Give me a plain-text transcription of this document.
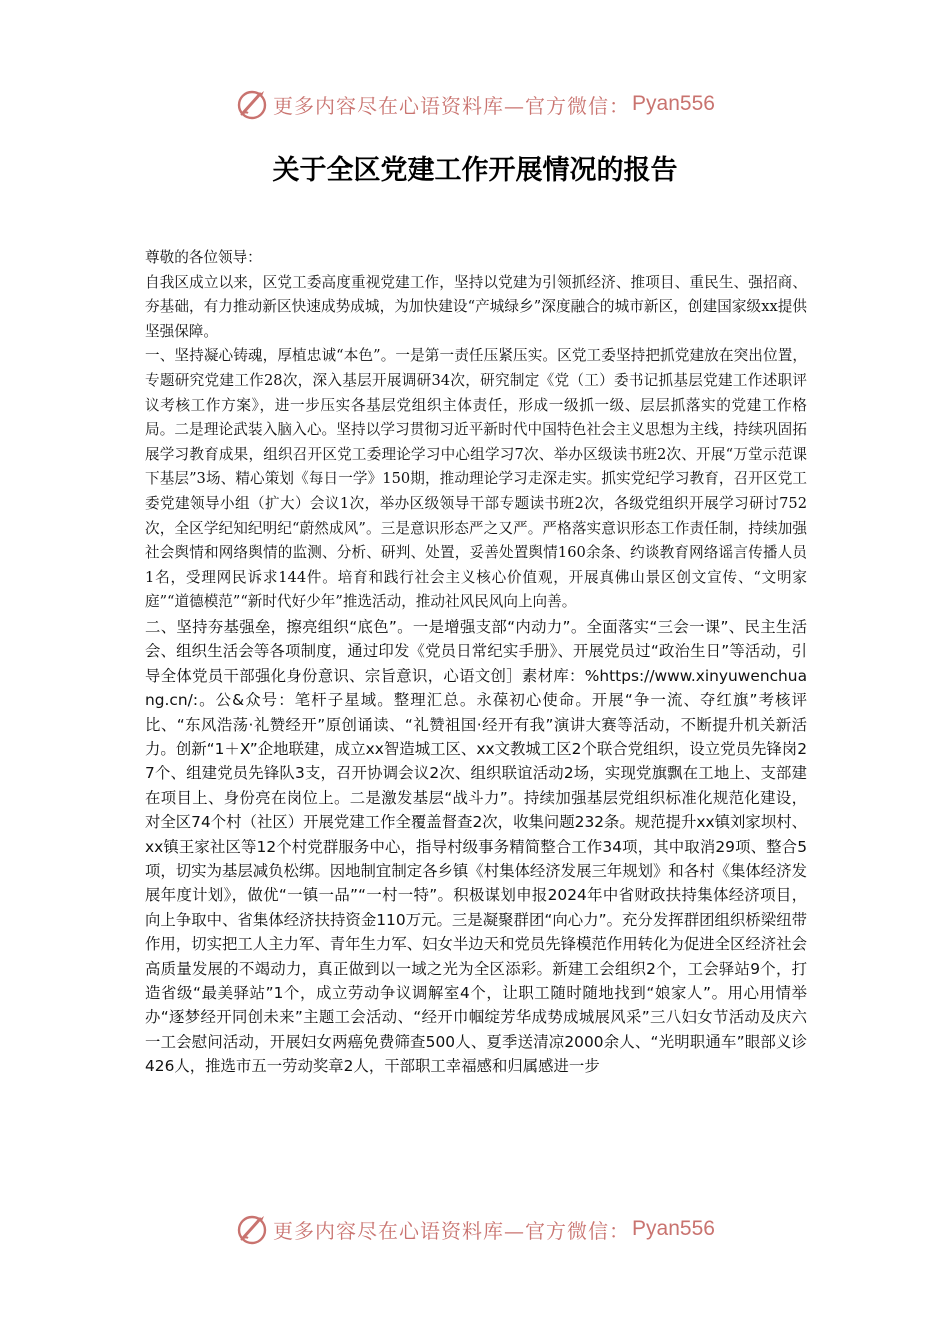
更多内容尽在心语资料库—官方微信： Pyan556
关于全区党建工作开展情况的报告

尊敬的各位领导：

自我区成立以来，区党工委高度重视党建工作，坚持以党建为引领抓经济、推项目、重民生、强招商、夯基础，有力推动新区快速成势成城，为加快建设“产城绿乡”深度融合的城市新区，创建国家级xx提供坚强保障。

一、坚持凝心铸魂，厚植忠诚“本色”。一是第一责任压紧压实。区党工委坚持把抓党建放在突出位置，专题研究党建工作28次，深入基层开展调研34次，研究制定《党（工）委书记抓基层党建工作述职评议考核工作方案》，进一步压实各基层党组织主体责任，形成一级抓一级、层层抓落实的党建工作格局。二是理论武装入脑入心。坚持以学习贯彻习近平新时代中国特色社会主义思想为主线，持续巩固拓展学习教育成果，组织召开区党工委理论学习中心组学习7次、举办区级读书班2次、开展“万堂示范课下基层”3场、精心策划《每日一学》150期，推动理论学习走深走实。抓实党纪学习教育，召开区党工委党建领导小组（扩大）会议1次，举办区级领导干部专题读书班2次，各级党组织开展学习研讨752次，全区学纪知纪明纪“蔚然成风”。三是意识形态严之又严。严格落实意识形态工作责任制，持续加强社会舆情和网络舆情的监测、分析、研判、处置，妥善处置舆情160余条、约谈教育网络谣言传播人员1名，受理网民诉求144件。培育和践行社会主义核心价值观，开展真佛山景区创文宣传、“文明家庭”“道德模范”“新时代好少年”推选活动，推动社风民风向上向善。

二、坚持夯基强垒，擦亮组织“底色”。一是增强支部“内动力”。全面落实“三会一课”、民主生活会、组织生活会等各项制度，通过印发《党员日常纪实手册》、开展党员过“政治生日”等活动，引导全体党员干部强化身份意识、宗旨意识，心语文创］素材库：%https://www.xinyuwenchuang.cn/:。公&众号：笔杆子星域。整理汇总。永葆初心使命。开展“争一流、夺红旗”考核评比、“东风浩荡·礼赞经开”原创诵读、“礼赞祖国·经开有我”演讲大赛等活动，不断提升机关新活力。创新“1＋X”企地联建，成立xx智造城工区、xx文教城工区2个联合党组织，设立党员先锋岗27个、组建党员先锋队3支，召开协调会议2次、组织联谊活动2场，实现党旗飘在工地上、支部建在项目上、身份亮在岗位上。二是激发基层“战斗力”。持续加强基层党组织标准化规范化建设，对全区74个村（社区）开展党建工作全覆盖督查2次，收集问题232条。规范提升xx镇刘家坝村、xx镇王家社区等12个村党群服务中心，指导村级事务精简整合工作34项，其中取消29项、整合5项，切实为基层减负松绑。因地制宜制定各乡镇《村集体经济发展三年规划》和各村《集体经济发展年度计划》，做优“一镇一品”“一村一特”。积极谋划申报2024年中省财政扶持集体经济项目，向上争取中、省集体经济扶持资金110万元。三是凝聚群团“向心力”。充分发挥群团组织桥梁纽带作用，切实把工人主力军、青年生力军、妇女半边天和党员先锋模范作用转化为促进全区经济社会高质量发展的不竭动力，真正做到以一域之光为全区添彩。新建工会组织2个，工会驿站9个，打造省级“最美驿站”1个，成立劳动争议调解室4个，让职工随时随地找到“娘家人”。用心用情举办“逐梦经开同创未来”主题工会活动、“经开巾帼绽芳华成势成城展风采”三八妇女节活动及庆六一工会慰问活动，开展妇女两癌免费筛查500人、夏季送清凉2000余人、“光明职通车”眼部义诊426人，推选市五一劳动奖章2人，干部职工幸福感和归属感进一步

更多内容尽在心语资料库—官方微信： Pyan556
